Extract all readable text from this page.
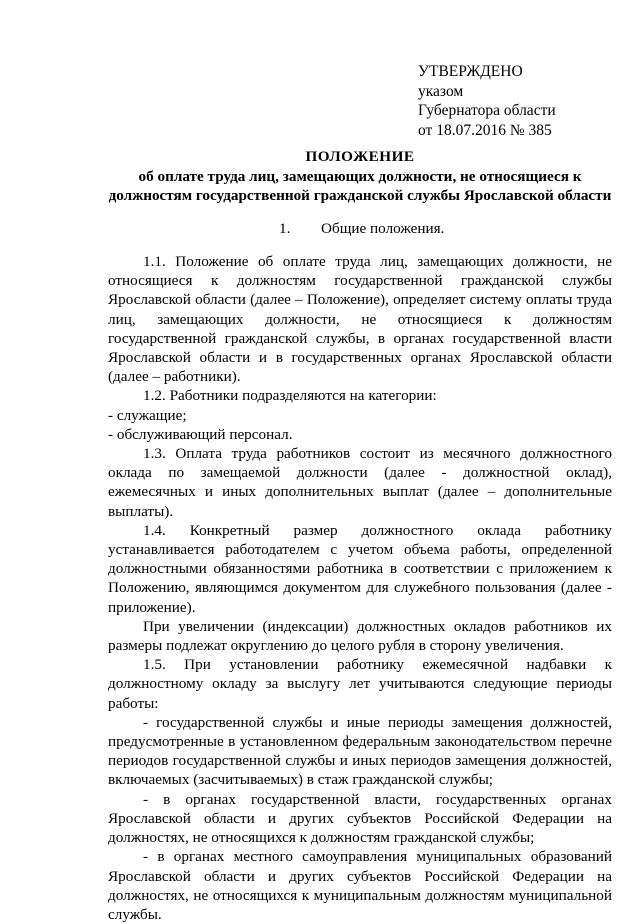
УТВЕРЖДЕНО
указом
Губернатора области
от 18.07.2016 № 385
ПОЛОЖЕНИЕ
об оплате труда лиц, замещающих должности, не относящиеся к
должностям государственной гражданской службы Ярославской области
1. Общие положения.

1.1. Положение об оплате труда лиц, замещающих должности, не относящиеся к должностям государственной гражданской службы Ярославской области (далее – Положение), определяет систему оплаты труда лиц, замещающих должности, не относящиеся к должностям государственной гражданской службы, в органах государственной власти Ярославской области и в государственных органах Ярославской области (далее – работники).

1.2. Работники подразделяются на категории:

- служащие;

- обслуживающий персонал.

1.3. Оплата труда работников состоит из месячного должностного оклада по замещаемой должности (далее - должностной оклад), ежемесячных и иных дополнительных выплат (далее – дополнительные выплаты).

1.4. Конкретный размер должностного оклада работнику устанавливается работодателем с учетом объема работы, определенной должностными обязанностями работника в соответствии с приложением к Положению, являющимся документом для служебного пользования (далее - приложение).

При увеличении (индексации) должностных окладов работников их размеры подлежат округлению до целого рубля в сторону увеличения.

1.5. При установлении работнику ежемесячной надбавки к должностному окладу за выслугу лет учитываются следующие периоды работы:

- государственной службы и иные периоды замещения должностей, предусмотренные в установленном федеральным законодательством перечне периодов государственной службы и иных периодов замещения должностей, включаемых (засчитываемых) в стаж гражданской службы;

- в органах государственной власти, государственных органах Ярославской области и других субъектов Российской Федерации на должностях, не относящихся к должностям гражданской службы;

- в органах местного самоуправления муниципальных образований Ярославской области и других субъектов Российской Федерации на должностях, не относящихся к муниципальным должностям муниципальной службы.
